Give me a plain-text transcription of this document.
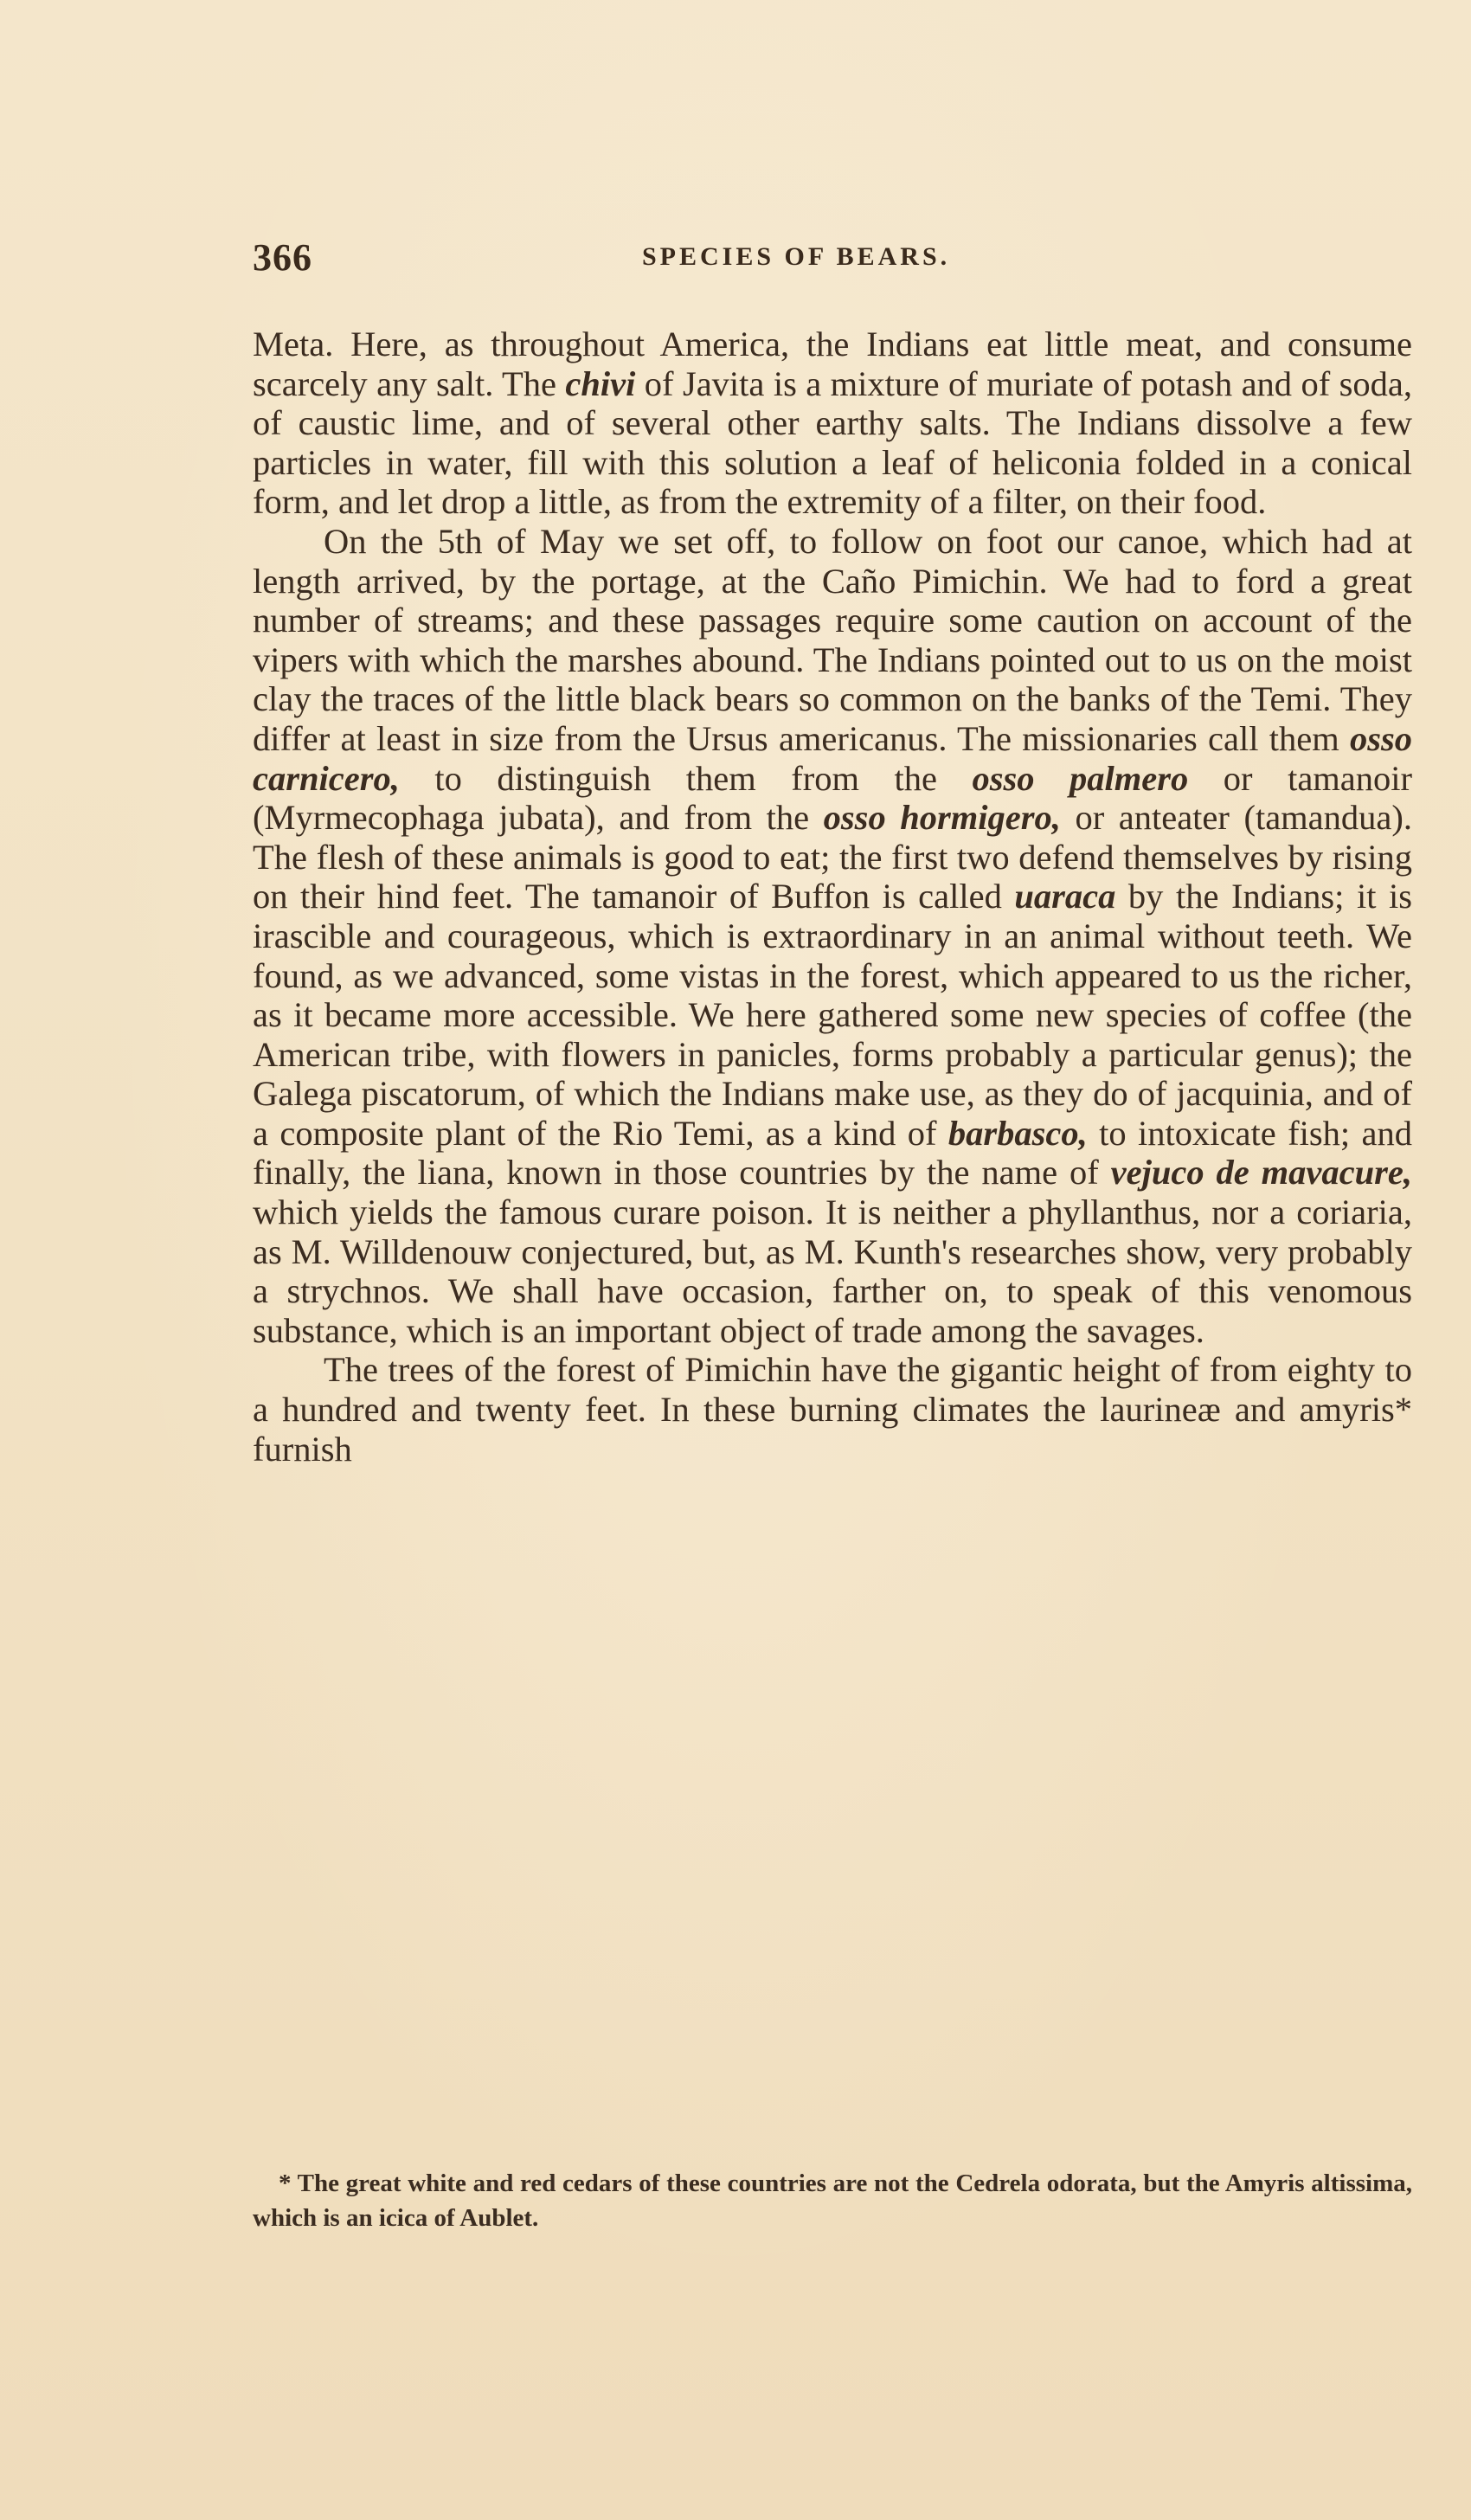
366	SPECIES OF BEARS.

Meta. Here, as throughout America, the Indians eat little meat, and consume scarcely any salt. The chivi of Javita is a mixture of muriate of potash and of soda, of caustic lime, and of several other earthy salts. The Indians dissolve a few particles in water, fill with this solution a leaf of heliconia folded in a conical form, and let drop a little, as from the extremity of a filter, on their food.

On the 5th of May we set off, to follow on foot our canoe, which had at length arrived, by the portage, at the Caño Pimichin. We had to ford a great number of streams; and these passages require some caution on account of the vipers with which the marshes abound. The Indians pointed out to us on the moist clay the traces of the little black bears so common on the banks of the Temi. They differ at least in size from the Ursus americanus. The missionaries call them osso carnicero, to distinguish them from the osso palmero or tamanoir (Myrmecophaga jubata), and from the osso hormigero, or anteater (tamandua). The flesh of these animals is good to eat; the first two defend themselves by rising on their hind feet. The tamanoir of Buffon is called uaraca by the Indians; it is irascible and courageous, which is extraordinary in an animal without teeth. We found, as we advanced, some vistas in the forest, which appeared to us the richer, as it became more accessible. We here gathered some new species of coffee (the American tribe, with flowers in panicles, forms probably a particular genus); the Galega piscatorum, of which the Indians make use, as they do of jacquinia, and of a composite plant of the Rio Temi, as a kind of barbasco, to intoxicate fish; and finally, the liana, known in those countries by the name of vejuco de mavacure, which yields the famous curare poison. It is neither a phyllanthus, nor a coriaria, as M. Willdenouw conjectured, but, as M. Kunth's researches show, very probably a strychnos. We shall have occasion, farther on, to speak of this venomous substance, which is an important object of trade among the savages.

The trees of the forest of Pimichin have the gigantic height of from eighty to a hundred and twenty feet. In these burning climates the laurineæ and amyris* furnish

* The great white and red cedars of these countries are not the Cedrela odorata, but the Amyris altissima, which is an icica of Aublet.
